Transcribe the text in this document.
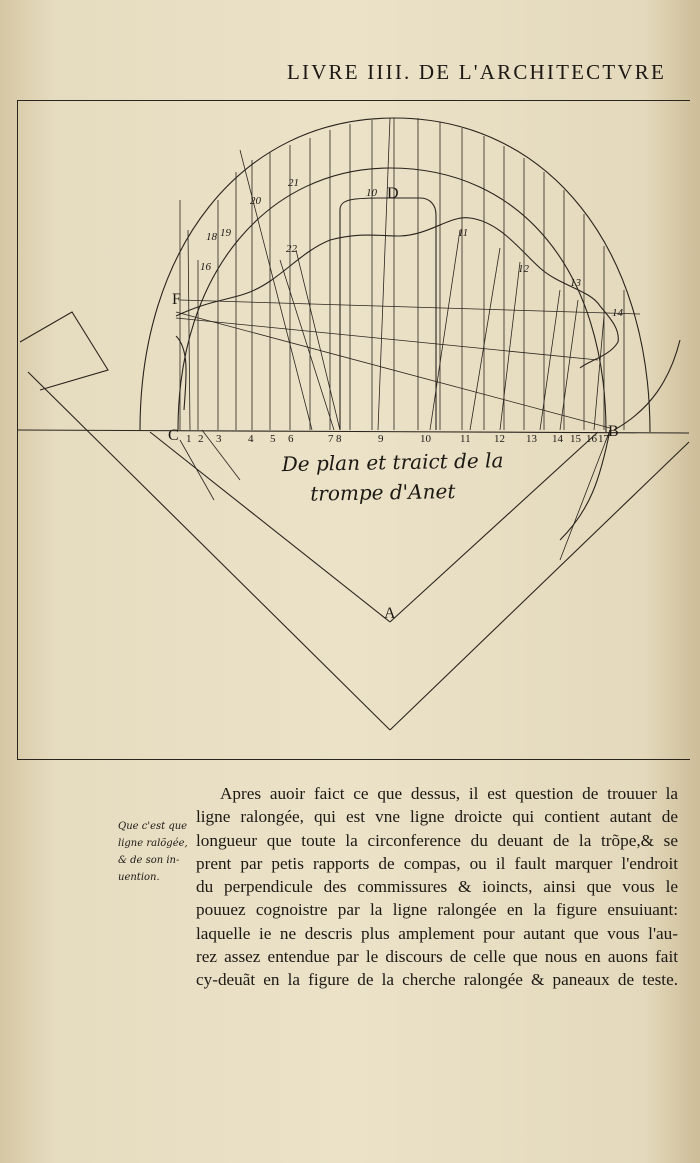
LIVRE IIII. DE L'ARCHITECTVRE
A
B
C
D
F
1 2 3 4 5 6	7 8	9	10	11 12 13 14 15 16 17
16
18 19
20
21
22
12
13
14
11
10
De plan et traict de la
trompe d'Anet
Que c'est que
ligne ralõgée,
& de son in-
uention.
Apres auoir faict ce que dessus, il est question de trouuer la
ligne ralongée, qui est vne ligne droicte qui contient autant de
longueur que toute la circonference du deuant de la trõpe,& se
prent par petis rapports de compas, ou il fault marquer l'endroit
du perpendicule des commissures & ioincts, ainsi que vous le
pouuez cognoistre par la ligne ralongée en la figure ensuiuant:
laquelle ie ne descris plus amplement pour autant que vous l'au-
rez assez entendue par le discours de celle que nous en auons fait
cy-deuãt en la figure de la cherche ralongée & paneaux de teste.
